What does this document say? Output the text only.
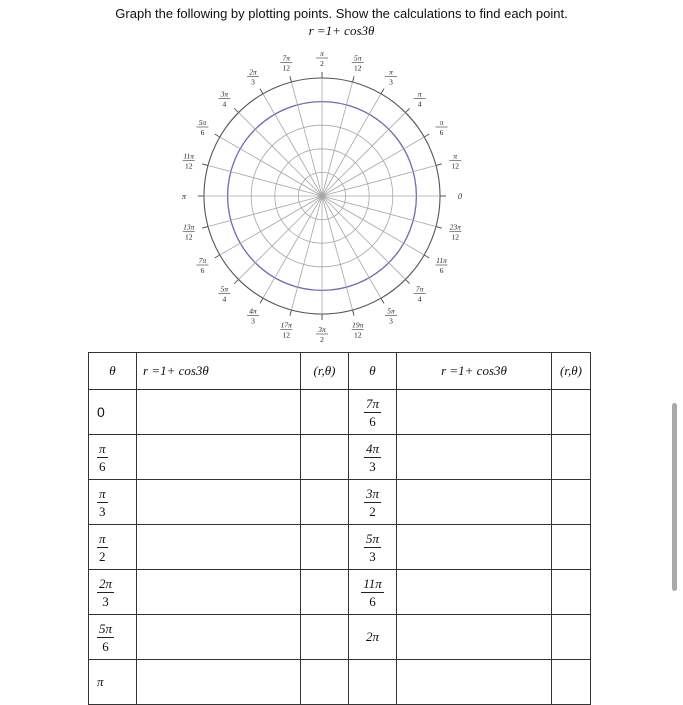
Graph the following by plotting points. Show the calculations to find each point.
r =1+ cos3θ
0
π
12
π
6
π
4
π
3
5π
12
π
2
7π
12
2π
3
3π
4
5π
6
11π
12
π
13π
12
7π
6
5π
4
4π
3	17π
12
3π
2
19π
12
5π
3
7π
4
11π
6
23π
12
θ	r =1+ cos3θ	(r,θ)	θ	r =1+ cos3θ	(r,θ)
0			$\frac{7\pi}{6}$

$\frac{\pi}{6}$			$\frac{4\pi}{3}$

$\frac{\pi}{3}$			$\frac{3\pi}{2}$

$\frac{\pi}{2}$			$\frac{5\pi}{3}$

$\frac{2\pi}{3}$			$\frac{11\pi}{6}$

$\frac{5\pi}{6}$			2π		
π					
